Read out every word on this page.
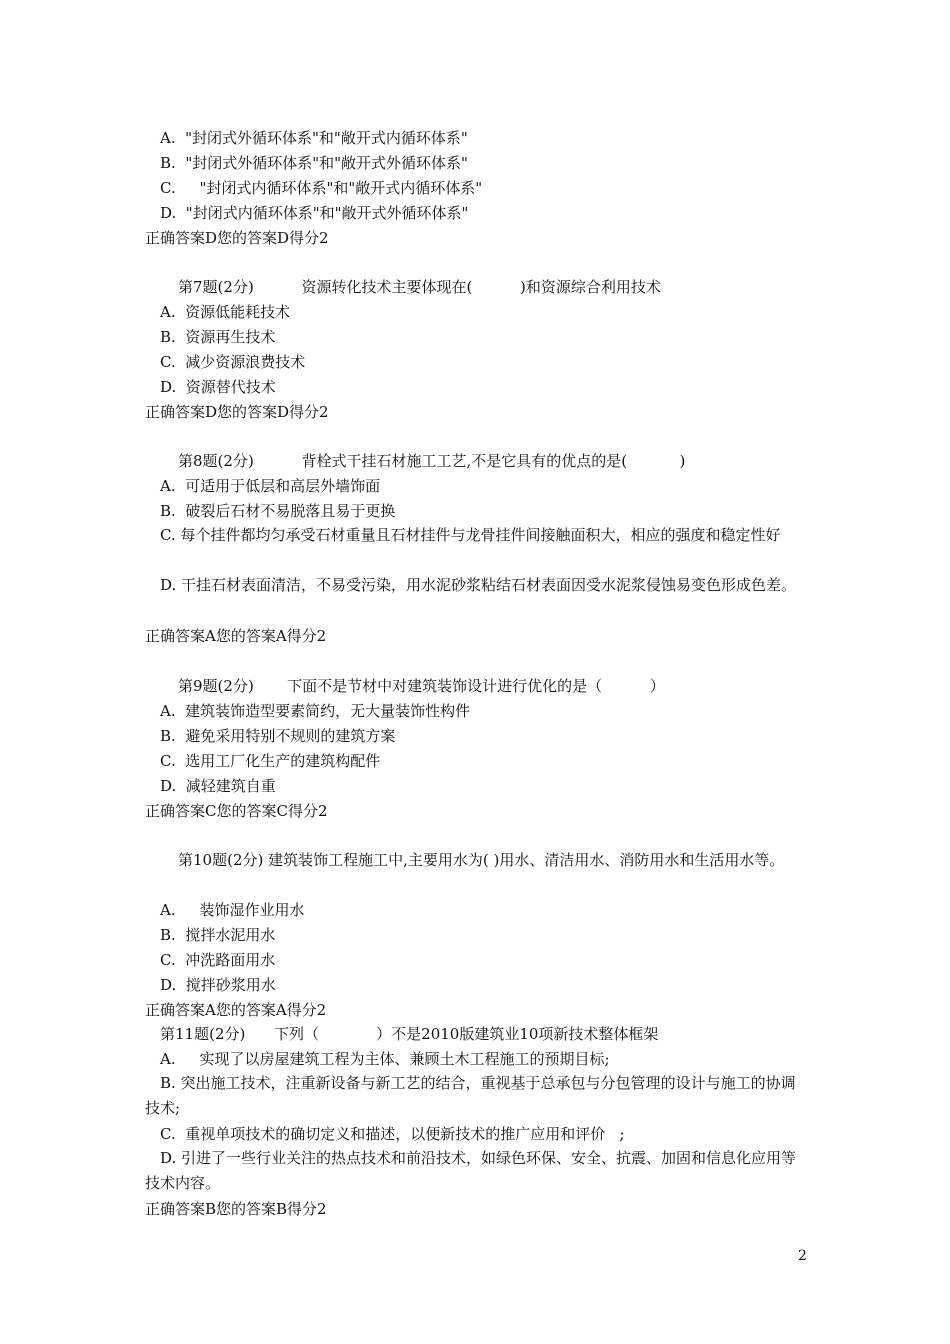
A.  "封闭式外循环体系"和"敞开式内循环体系"
B.  "封闭式外循环体系"和"敞开式外循环体系"
C.     "封闭式内循环体系"和"敞开式内循环体系"
D.  "封闭式内循环体系"和"敞开式外循环体系"
正确答案D您的答案D得分2
第7题(2分)          资源转化技术主要体现在(          )和资源综合利用技术
A.  资源低能耗技术
B.  资源再生技术
C.  减少资源浪费技术
D.  资源替代技术
正确答案D您的答案D得分2
第8题(2分)          背栓式干挂石材施工工艺,不是它具有的优点的是(           )
A.  可适用于低层和高层外墙饰面
B.  破裂后石材不易脱落且易于更换
C. 每个挂件都均匀承受石材重量且石材挂件与龙骨挂件间接触面积大，相应的强度和稳定性好
D. 干挂石材表面清洁，不易受污染，用水泥砂浆粘结石材表面因受水泥浆侵蚀易变色形成色差。
正确答案A您的答案A得分2
第9题(2分)       下面不是节材中对建筑装饰设计进行优化的是（          ）
A.  建筑装饰造型要素简约，无大量装饰性构件
B.  避免采用特别不规则的建筑方案
C.  选用工厂化生产的建筑构配件
D.  减轻建筑自重
正确答案C您的答案C得分2
第10题(2分) 建筑装饰工程施工中,主要用水为( )用水、清洁用水、消防用水和生活用水等。
A.     装饰湿作业用水
B.  搅拌水泥用水
C.  冲洗路面用水
D.  搅拌砂浆用水
正确答案A您的答案A得分2
第11题(2分)      下列（            ）不是2010版建筑业10项新技术整体框架
A.     实现了以房屋建筑工程为主体、兼顾土木工程施工的预期目标;
B. 突出施工技术，注重新设备与新工艺的结合，重视基于总承包与分包管理的设计与施工的协调技术;
C.  重视单项技术的确切定义和描述，以便新技术的推广应用和评价   ;
D. 引进了一些行业关注的热点技术和前沿技术，如绿色环保、安全、抗震、加固和信息化应用等技术内容。
正确答案B您的答案B得分2
2
